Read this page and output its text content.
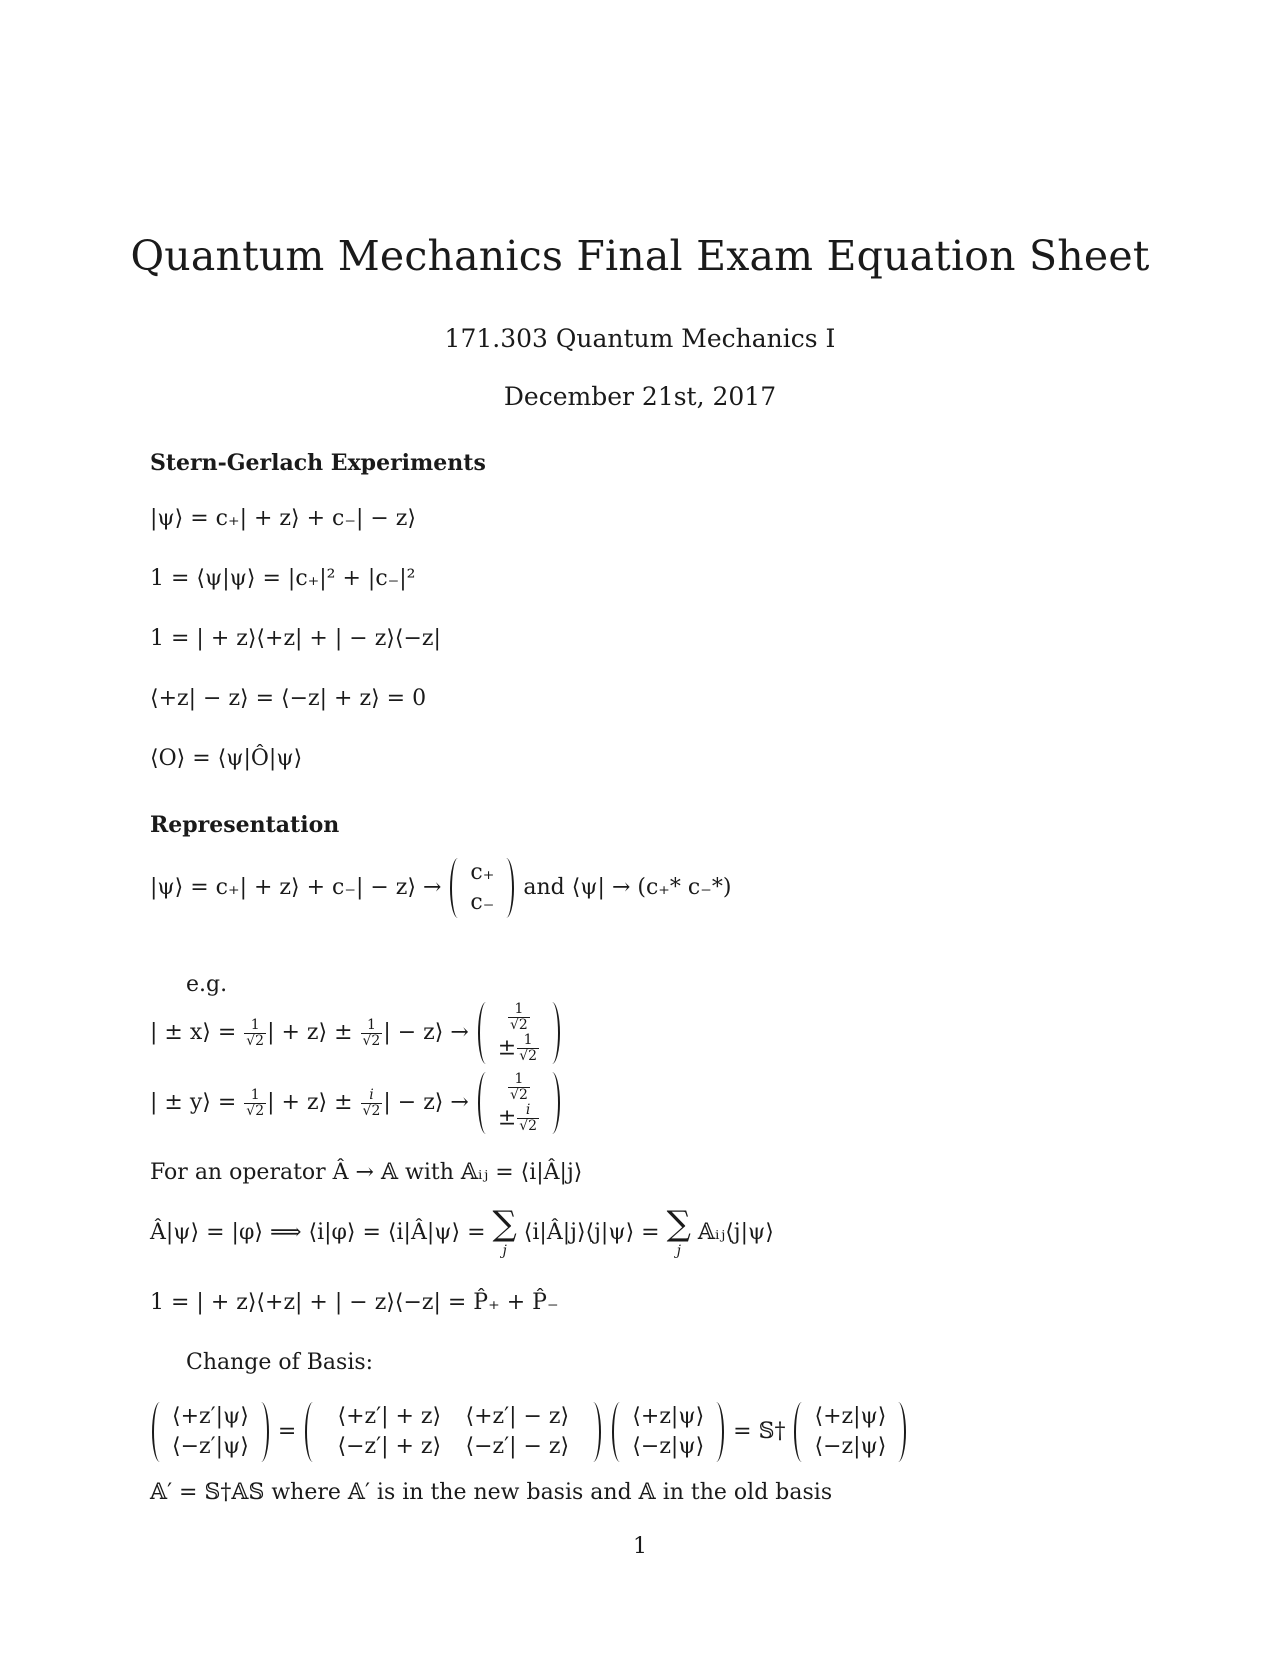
Quantum Mechanics Final Exam Equation Sheet
171.303 Quantum Mechanics I
December 21st, 2017
Stern-Gerlach Experiments
|ψ⟩ = c₊| + z⟩ + c₋| − z⟩
1 = ⟨ψ|ψ⟩ = |c₊|² + |c₋|²
1 = | + z⟩⟨+z| + | − z⟩⟨−z|
⟨+z| − z⟩ = ⟨−z| + z⟩ = 0
⟨O⟩ = ⟨ψ|Ô|ψ⟩
Representation
|ψ⟩ = c₊| + z⟩ + c₋| − z⟩ →
c₊
c₋
and ⟨ψ| → (c₊* c₋*)
e.g.
| ± x⟩ = $\frac{1}{√2}$ | + z⟩ ± $\frac{1}{√2}$ | − z⟩ →	$\frac{1}{√2}$
± $\frac{1}{√2}$
| ± y⟩ = $\frac{1}{√2}$ | + z⟩ ± $\frac{i}{√2}$ | − z⟩ →	$\frac{1}{√2}$
± $\frac{i}{√2}$
For an operator Â → 𝔸 with 𝔸ᵢⱼ = ⟨i|Â|j⟩
Â|ψ⟩ = |φ⟩ ⟹ ⟨i|φ⟩ = ⟨i|Â|ψ⟩ = ∑
j
⟨i|Â|j⟩⟨j|ψ⟩ = ∑
j
𝔸ᵢⱼ⟨j|ψ⟩
1 = | + z⟩⟨+z| + | − z⟩⟨−z| = P̂₊ + P̂₋
Change of Basis:
⟨+z′|ψ⟩
⟨−z′|ψ⟩
=
⟨+z′| + z⟩ ⟨+z′| − z⟩
⟨−z′| + z⟩ ⟨−z′| − z⟩

⟨+z|ψ⟩
⟨−z|ψ⟩
= 𝕊†
⟨+z|ψ⟩
⟨−z|ψ⟩
𝔸′ = 𝕊†𝔸𝕊 where 𝔸′ is in the new basis and 𝔸 in the old basis
1
